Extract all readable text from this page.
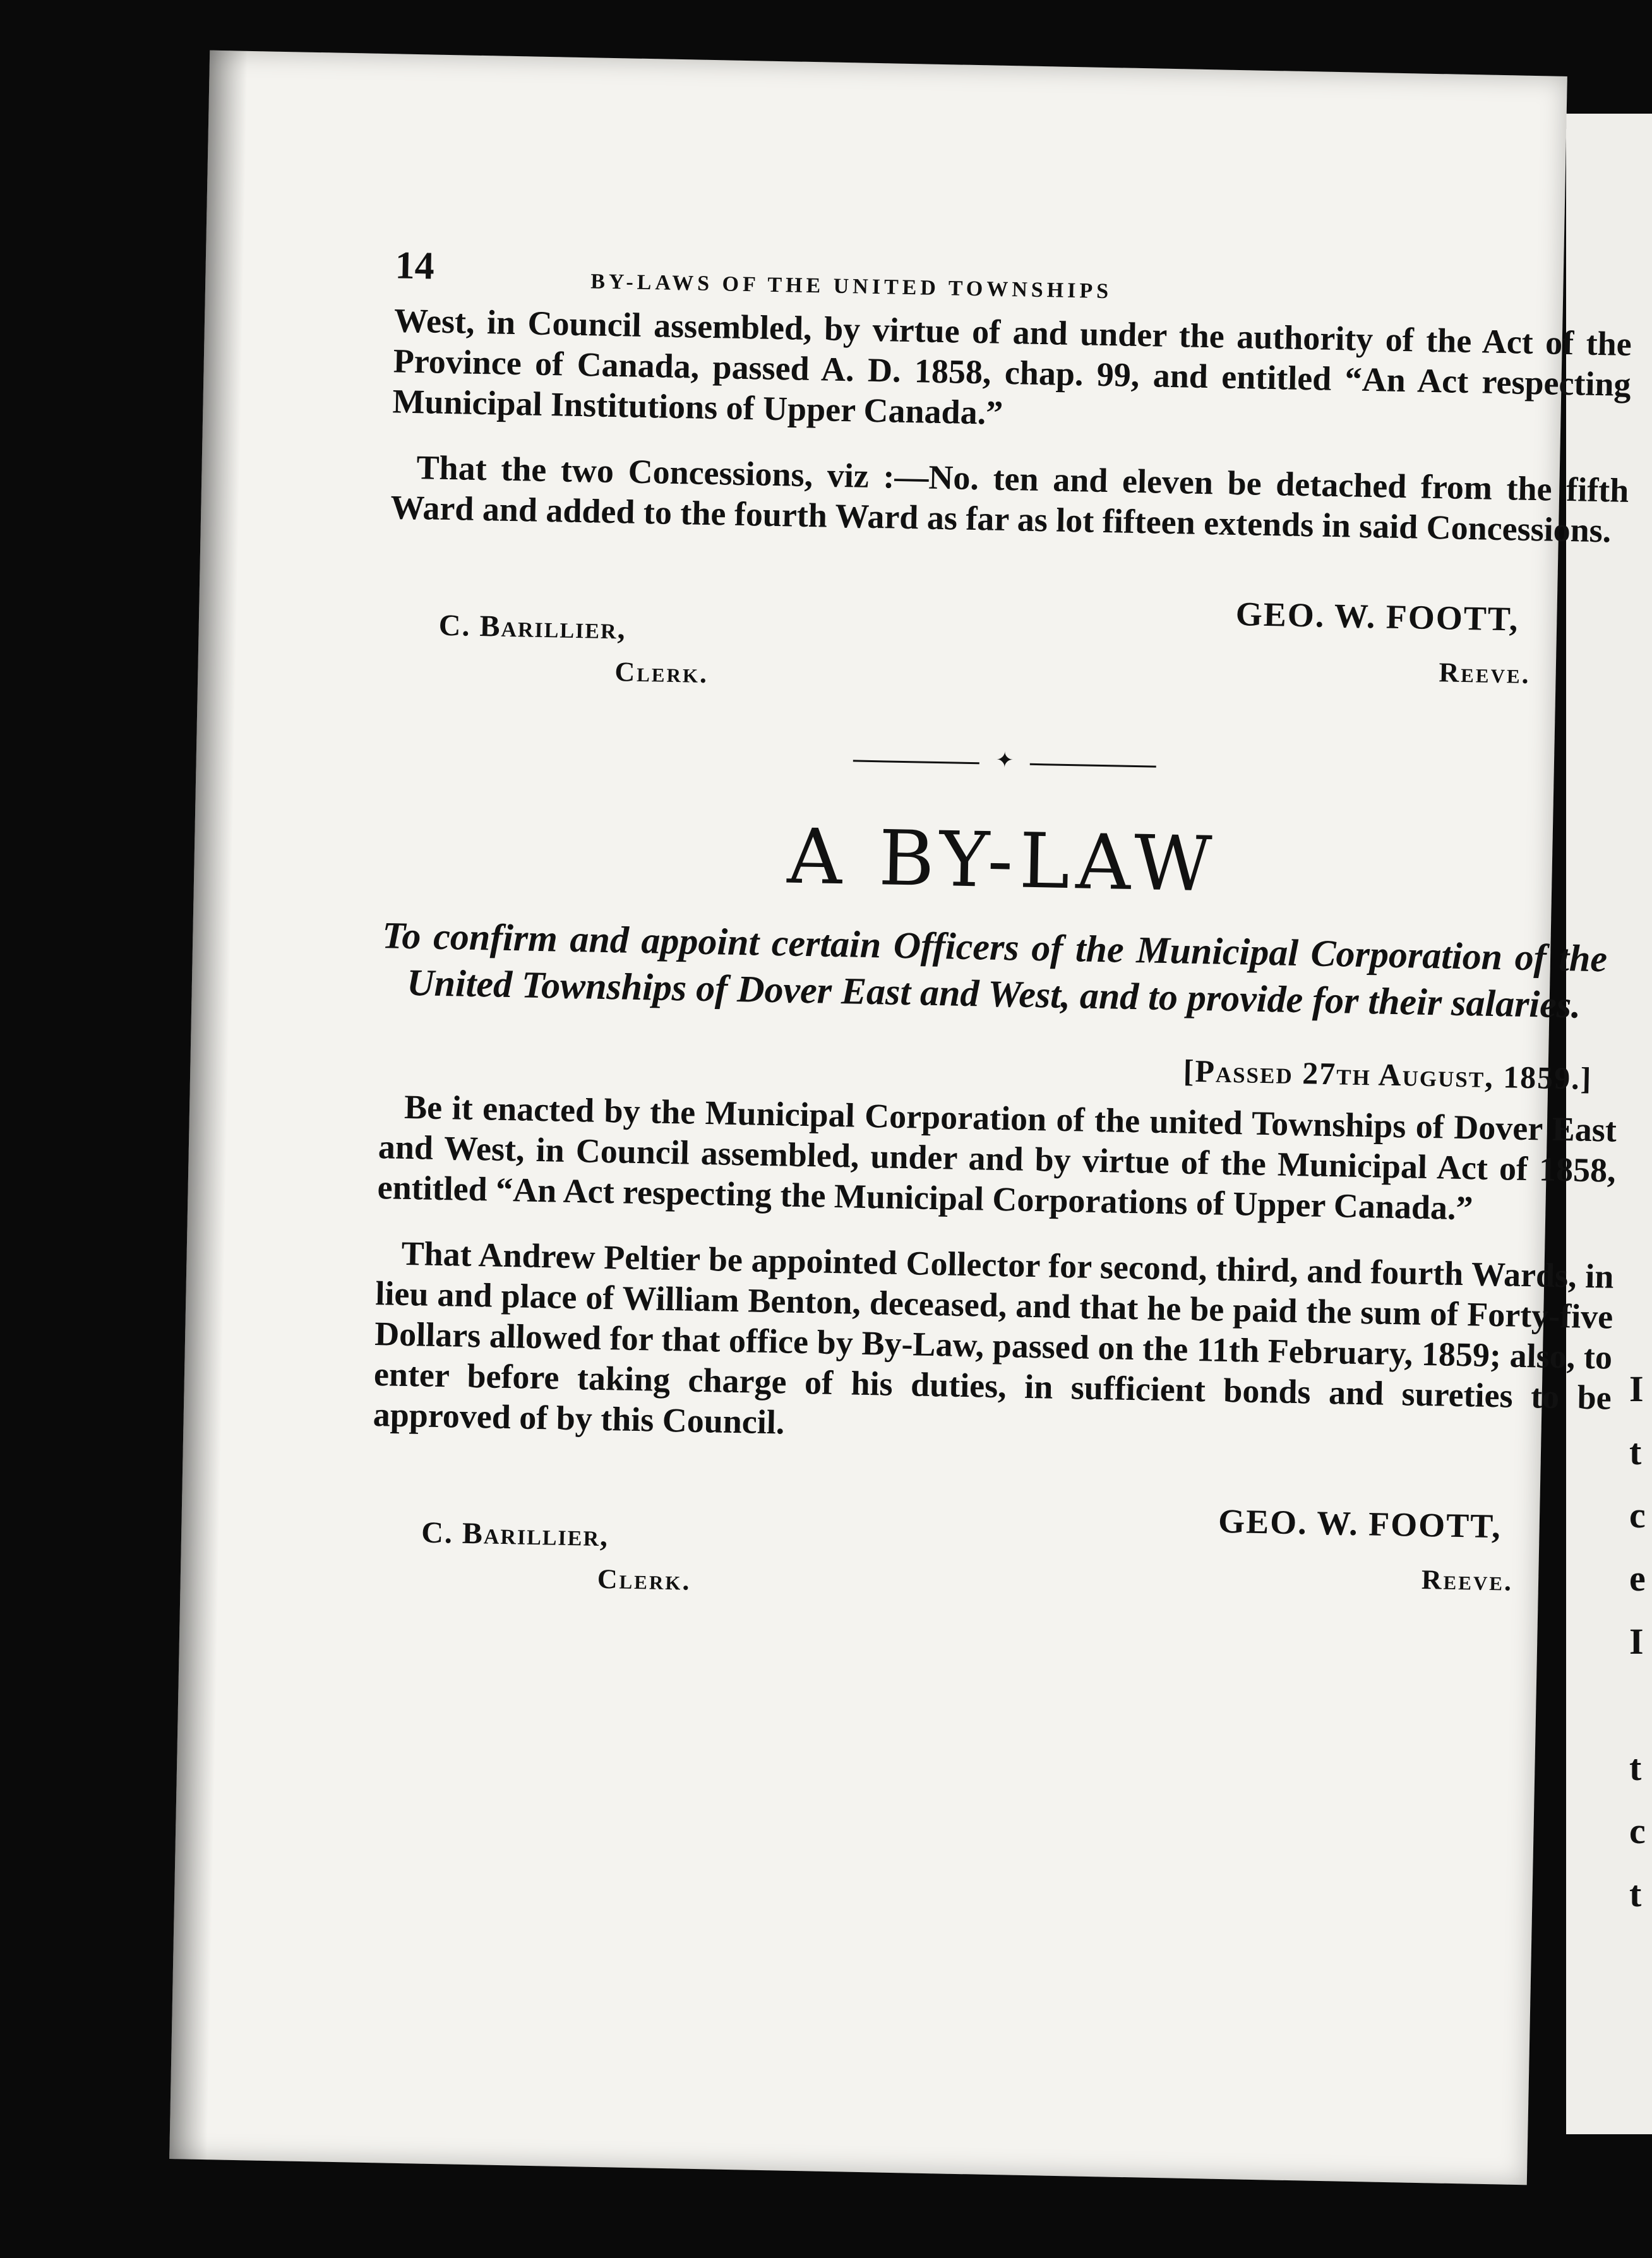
I
t
c
e
I

t
c
t
14	BY-LAWS OF THE UNITED TOWNSHIPS

West, in Council assembled, by virtue of and under the authority of the Act of the Province of Canada, passed A. D. 1858, chap. 99, and entitled “An Act respecting Municipal Institutions of Upper Canada.”

That the two Concessions, viz :—No. ten and eleven be detached from the fifth Ward and added to the fourth Ward as far as lot fifteen extends in said Concessions.

GEO. W. FOOTT,
C. Barillier,
Reeve.
Clerk.
✦
A BY-LAW
To confirm and appoint certain Officers of the Municipal Corporation of the United Townships of Dover East and West, and to provide for their salaries.
[Passed 27th August, 1859.]

Be it enacted by the Municipal Corporation of the united Townships of Dover East and West, in Council assembled, under and by virtue of the Municipal Act of 1858, entitled “An Act respecting the Municipal Corporations of Upper Canada.”

That Andrew Peltier be appointed Collector for second, third, and fourth Wards, in lieu and place of William Benton, deceased, and that he be paid the sum of Forty-five Dollars allowed for that office by By-Law, passed on the 11th February, 1859; also, to enter before taking charge of his duties, in sufficient bonds and sureties to be approved of by this Council.

GEO. W. FOOTT,
C. Barillier,
Reeve.
Clerk.
